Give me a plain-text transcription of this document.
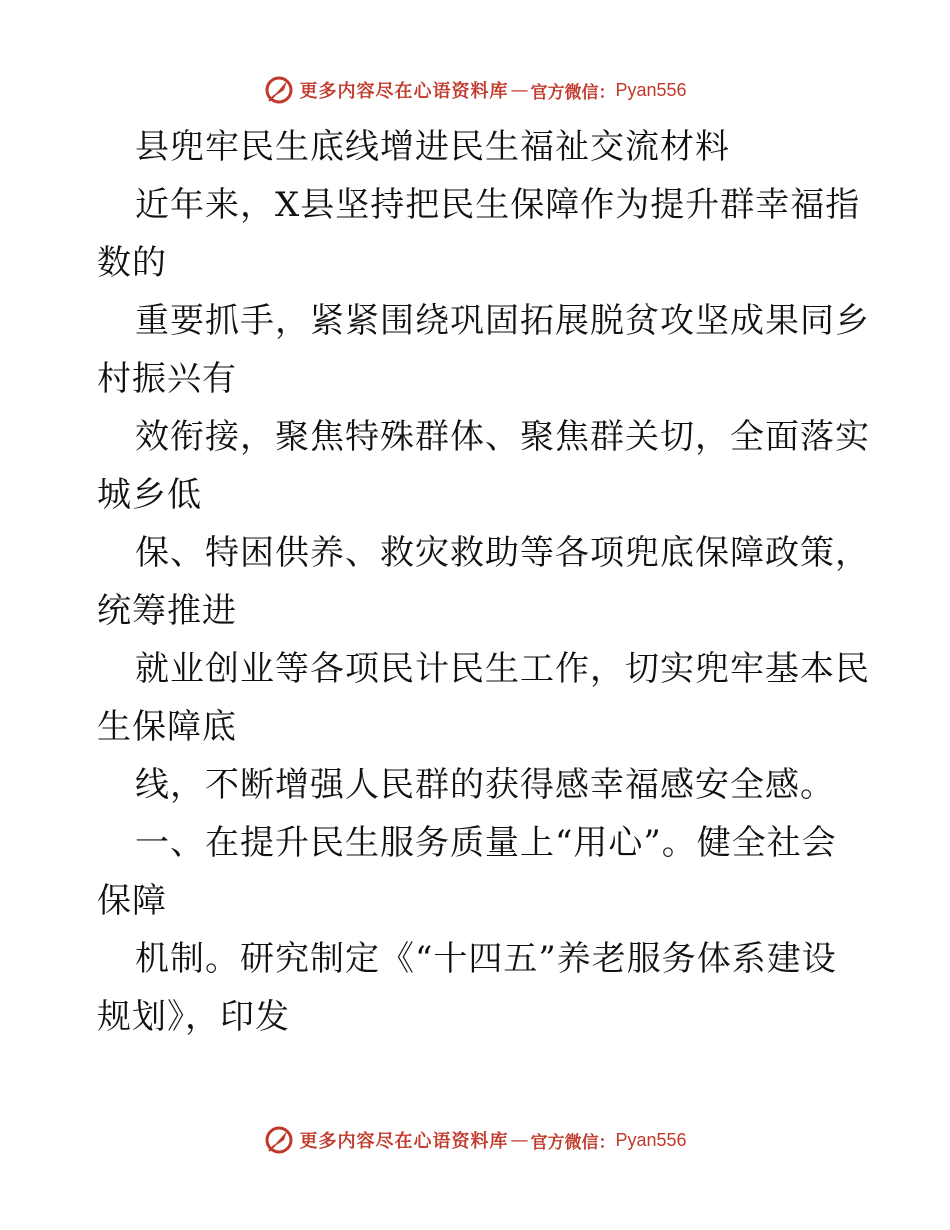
更多内容尽在心语资料库 — 官方微信： Pyan556
县兜牢民生底线增进民生福祉交流材料
近年来，X县坚持把民生保障作为提升群幸福指
数的
重要抓手，紧紧围绕巩固拓展脱贫攻坚成果同乡
村振兴有
效衔接，聚焦特殊群体、聚焦群关切，全面落实
城乡低
保、特困供养、救灾救助等各项兜底保障政策，
统筹推进
就业创业等各项民计民生工作，切实兜牢基本民
生保障底
线，不断增强人民群的获得感幸福感安全感。
一、在提升民生服务质量上“用心”。健全社会
保障
机制。研究制定《“十四五”养老服务体系建设
规划》，印发
更多内容尽在心语资料库 — 官方微信： Pyan556
